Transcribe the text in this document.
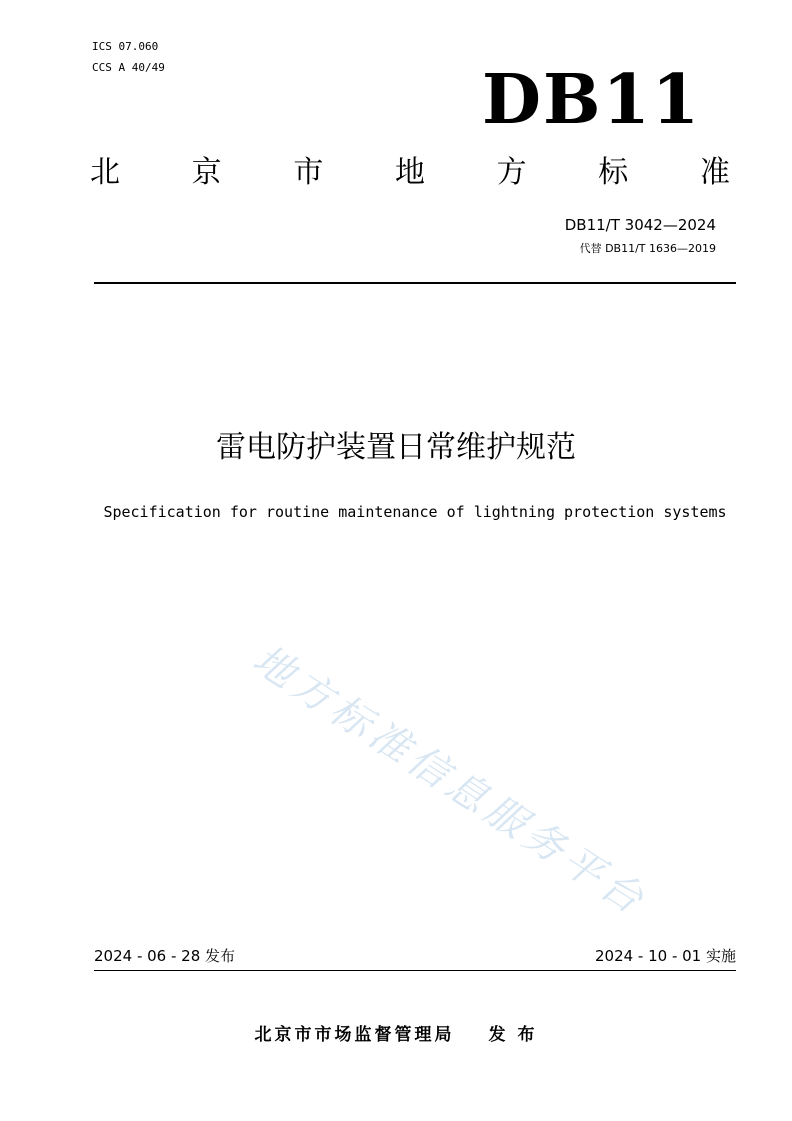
ICS 07.060
CCS A 40/49	DB11
北 京 市 地 方 标 准
DB11/T 3042—2024
代替 DB11/T 1636—2019
雷电防护装置日常维护规范
Specification for routine maintenance of lightning protection systems
地方标准信息服务平台
2024 - 06 - 28 发布	2024 - 10 - 01 实施
北京市市场监督管理局 发 布
